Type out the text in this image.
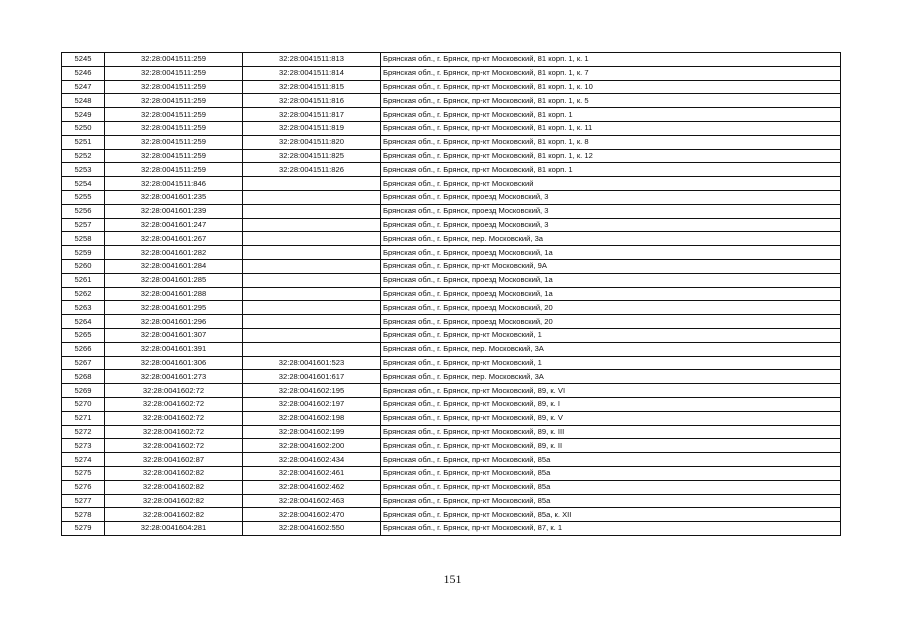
5245	32:28:0041511:259	32:28:0041511:813	Брянская обл., г. Брянск, пр-кт Московский, 81 корп. 1, к. 1
5246	32:28:0041511:259	32:28:0041511:814	Брянская обл., г. Брянск, пр-кт Московский, 81 корп. 1, к. 7
5247	32:28:0041511:259	32:28:0041511:815	Брянская обл., г. Брянск, пр-кт Московский, 81 корп. 1, к. 10
5248	32:28:0041511:259	32:28:0041511:816	Брянская обл., г. Брянск, пр-кт Московский, 81 корп. 1, к. 5
5249	32:28:0041511:259	32:28:0041511:817	Брянская обл., г. Брянск, пр-кт Московский, 81 корп. 1
5250	32:28:0041511:259	32:28:0041511:819	Брянская обл., г. Брянск, пр-кт Московский, 81 корп. 1, к. 11
5251	32:28:0041511:259	32:28:0041511:820	Брянская обл., г. Брянск, пр-кт Московский, 81 корп. 1, к. 8
5252	32:28:0041511:259	32:28:0041511:825	Брянская обл., г. Брянск, пр-кт Московский, 81 корп. 1, к. 12
5253	32:28:0041511:259	32:28:0041511:826	Брянская обл., г. Брянск, пр-кт Московский, 81 корп. 1
5254	32:28:0041511:846		Брянская обл., г. Брянск, пр-кт Московский
5255	32:28:0041601:235		Брянская обл., г. Брянск, проезд Московский, 3
5256	32:28:0041601:239		Брянская обл., г. Брянск, проезд Московский, 3
5257	32:28:0041601:247		Брянская обл., г. Брянск, проезд Московский, 3
5258	32:28:0041601:267		Брянская обл., г. Брянск, пер. Московский, 3а
5259	32:28:0041601:282		Брянская обл., г. Брянск, проезд Московский, 1а
5260	32:28:0041601:284		Брянская обл., г. Брянск, пр-кт Московский, 9А
5261	32:28:0041601:285		Брянская обл., г. Брянск, проезд Московский, 1а
5262	32:28:0041601:288		Брянская обл., г. Брянск, проезд Московский, 1а
5263	32:28:0041601:295		Брянская обл., г. Брянск, проезд Московский, 20
5264	32:28:0041601:296		Брянская обл., г. Брянск, проезд Московский, 20
5265	32:28:0041601:307		Брянская обл., г. Брянск, пр-кт Московский, 1
5266	32:28:0041601:391		Брянская обл., г. Брянск, пер. Московский, 3А
5267	32:28:0041601:306	32:28:0041601:523	Брянская обл., г. Брянск, пр-кт Московский, 1
5268	32:28:0041601:273	32:28:0041601:617	Брянская обл., г. Брянск, пер. Московский, 3А
5269	32:28:0041602:72	32:28:0041602:195	Брянская обл., г. Брянск, пр-кт Московский, 89, к. VI
5270	32:28:0041602:72	32:28:0041602:197	Брянская обл., г. Брянск, пр-кт Московский, 89, к. I
5271	32:28:0041602:72	32:28:0041602:198	Брянская обл., г. Брянск, пр-кт Московский, 89, к. V
5272	32:28:0041602:72	32:28:0041602:199	Брянская обл., г. Брянск, пр-кт Московский, 89, к. III
5273	32:28:0041602:72	32:28:0041602:200	Брянская обл., г. Брянск, пр-кт Московский, 89, к. II
5274	32:28:0041602:87	32:28:0041602:434	Брянская обл., г. Брянск, пр-кт Московский, 85а
5275	32:28:0041602:82	32:28:0041602:461	Брянская обл., г. Брянск, пр-кт Московский, 85а
5276	32:28:0041602:82	32:28:0041602:462	Брянская обл., г. Брянск, пр-кт Московский, 85а
5277	32:28:0041602:82	32:28:0041602:463	Брянская обл., г. Брянск, пр-кт Московский, 85а
5278	32:28:0041602:82	32:28:0041602:470	Брянская обл., г. Брянск, пр-кт Московский, 85а, к. XII
5279	32:28:0041604:281	32:28:0041602:550	Брянская обл., г. Брянск, пр-кт Московский, 87, к. 1
151
